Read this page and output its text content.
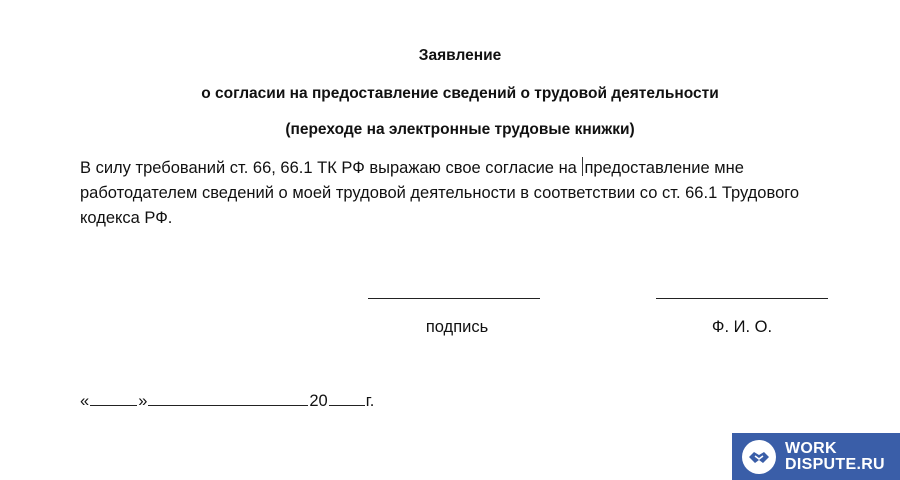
Заявление
о согласии на предоставление сведений о трудовой деятельности
(переходе на электронные трудовые книжки)
В силу требований ст. 66, 66.1 ТК РФ выражаю свое согласие на предоставление мне
работодателем сведений о моей трудовой деятельности в соответствии со ст. 66.1 Трудового
кодекса РФ.
подпись	Ф. И. О.
«	»	20 г.
WORK
DISPUTE.RU
